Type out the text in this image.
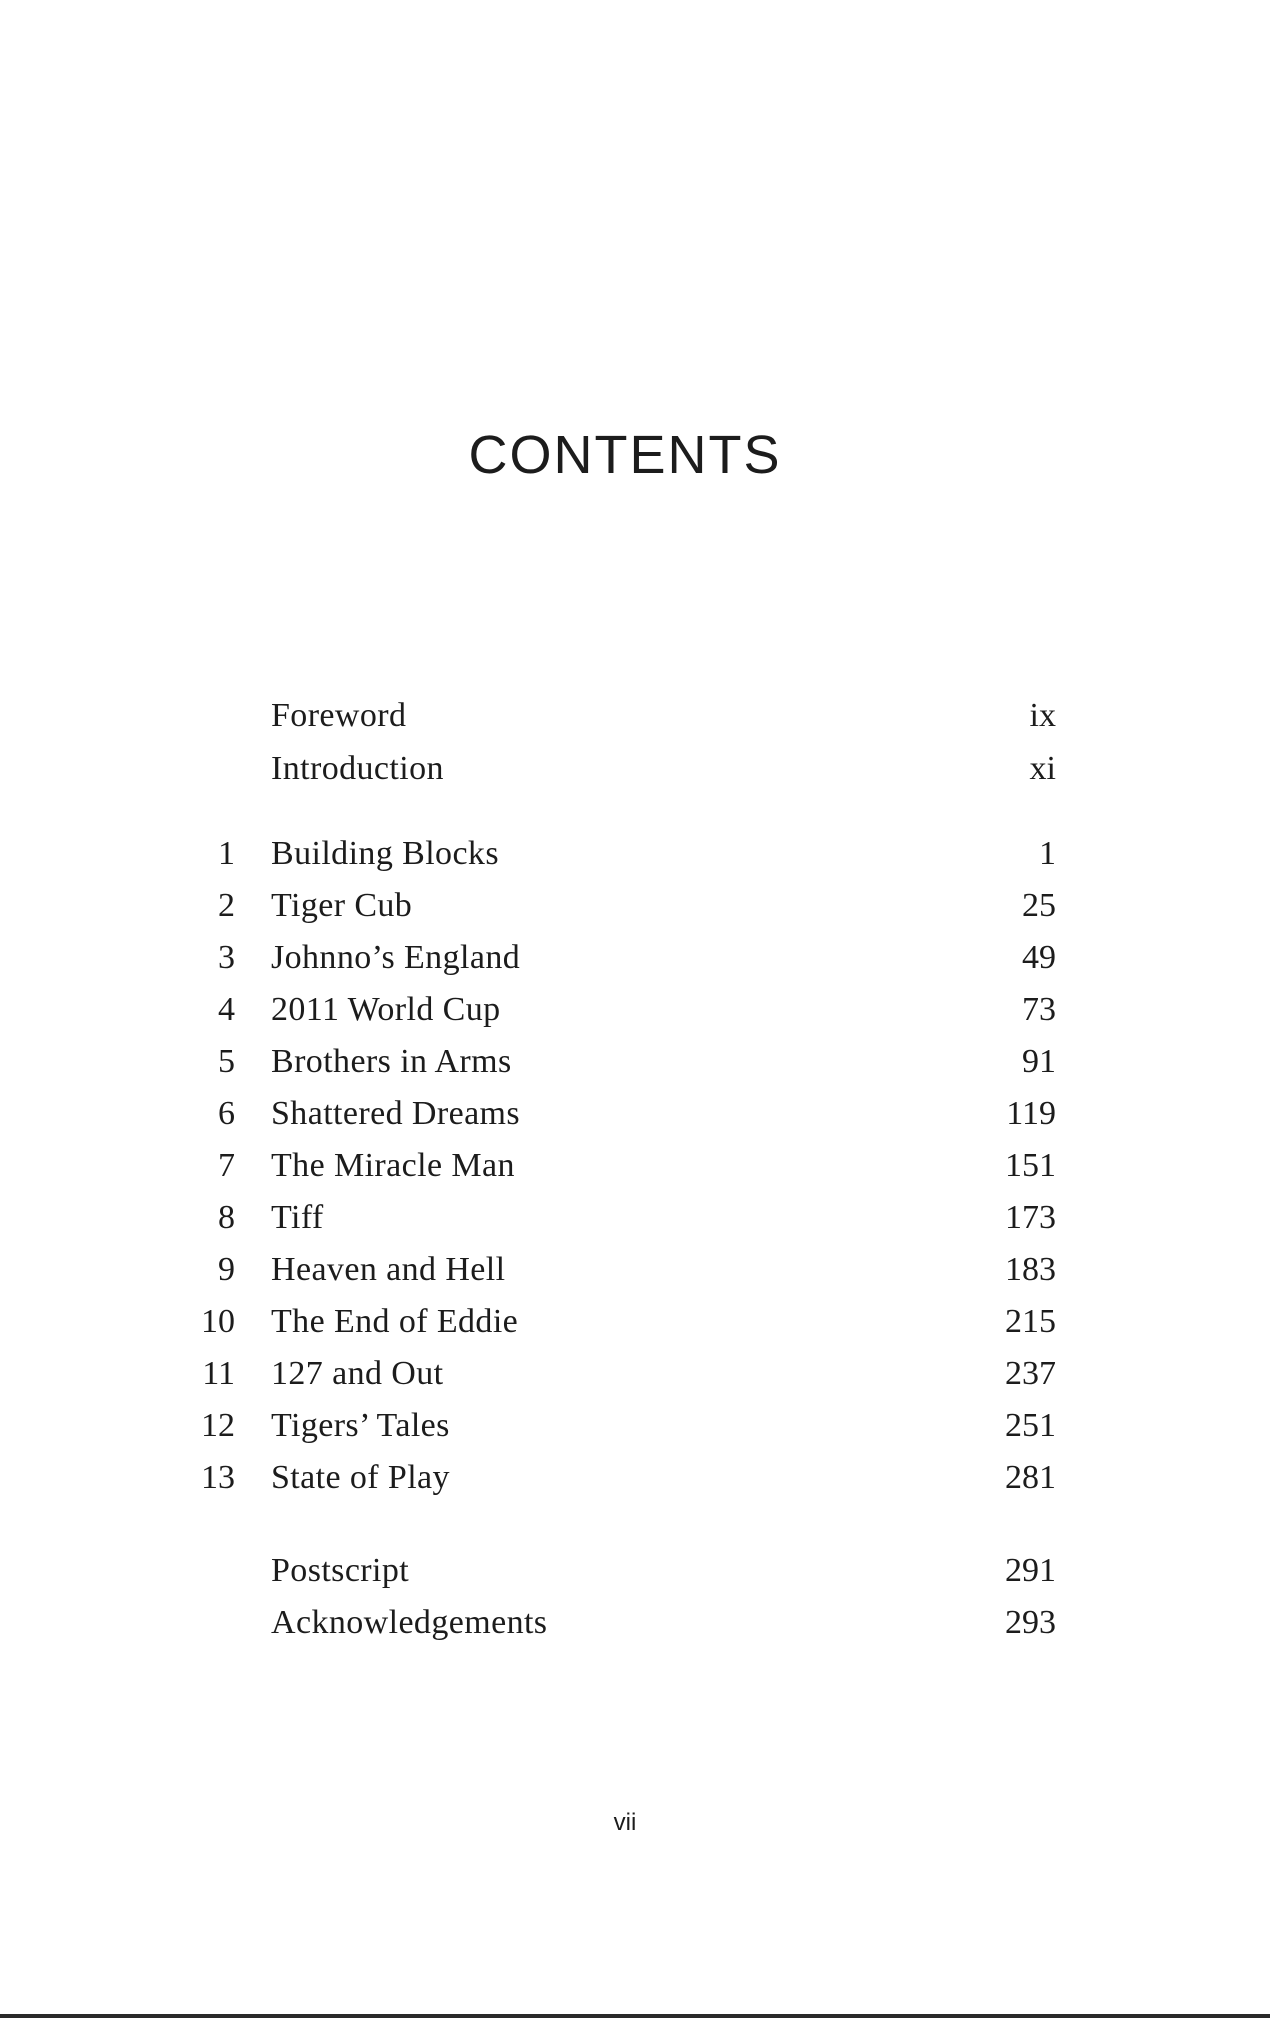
CONTENTS
Foreword	ix
Introduction	xi
1 Building Blocks	1
2 Tiger Cub	25
3 Johnno’s England	49
4 2011 World Cup	73
5 Brothers in Arms	91
6 Shattered Dreams	119
7 The Miracle Man	151
8 Tiff	173
9 Heaven and Hell	183
10 The End of Eddie	215
11 127 and Out	237
12 Tigers’ Tales	251
13 State of Play	281
Postscript	291
Acknowledgements	293
vii
